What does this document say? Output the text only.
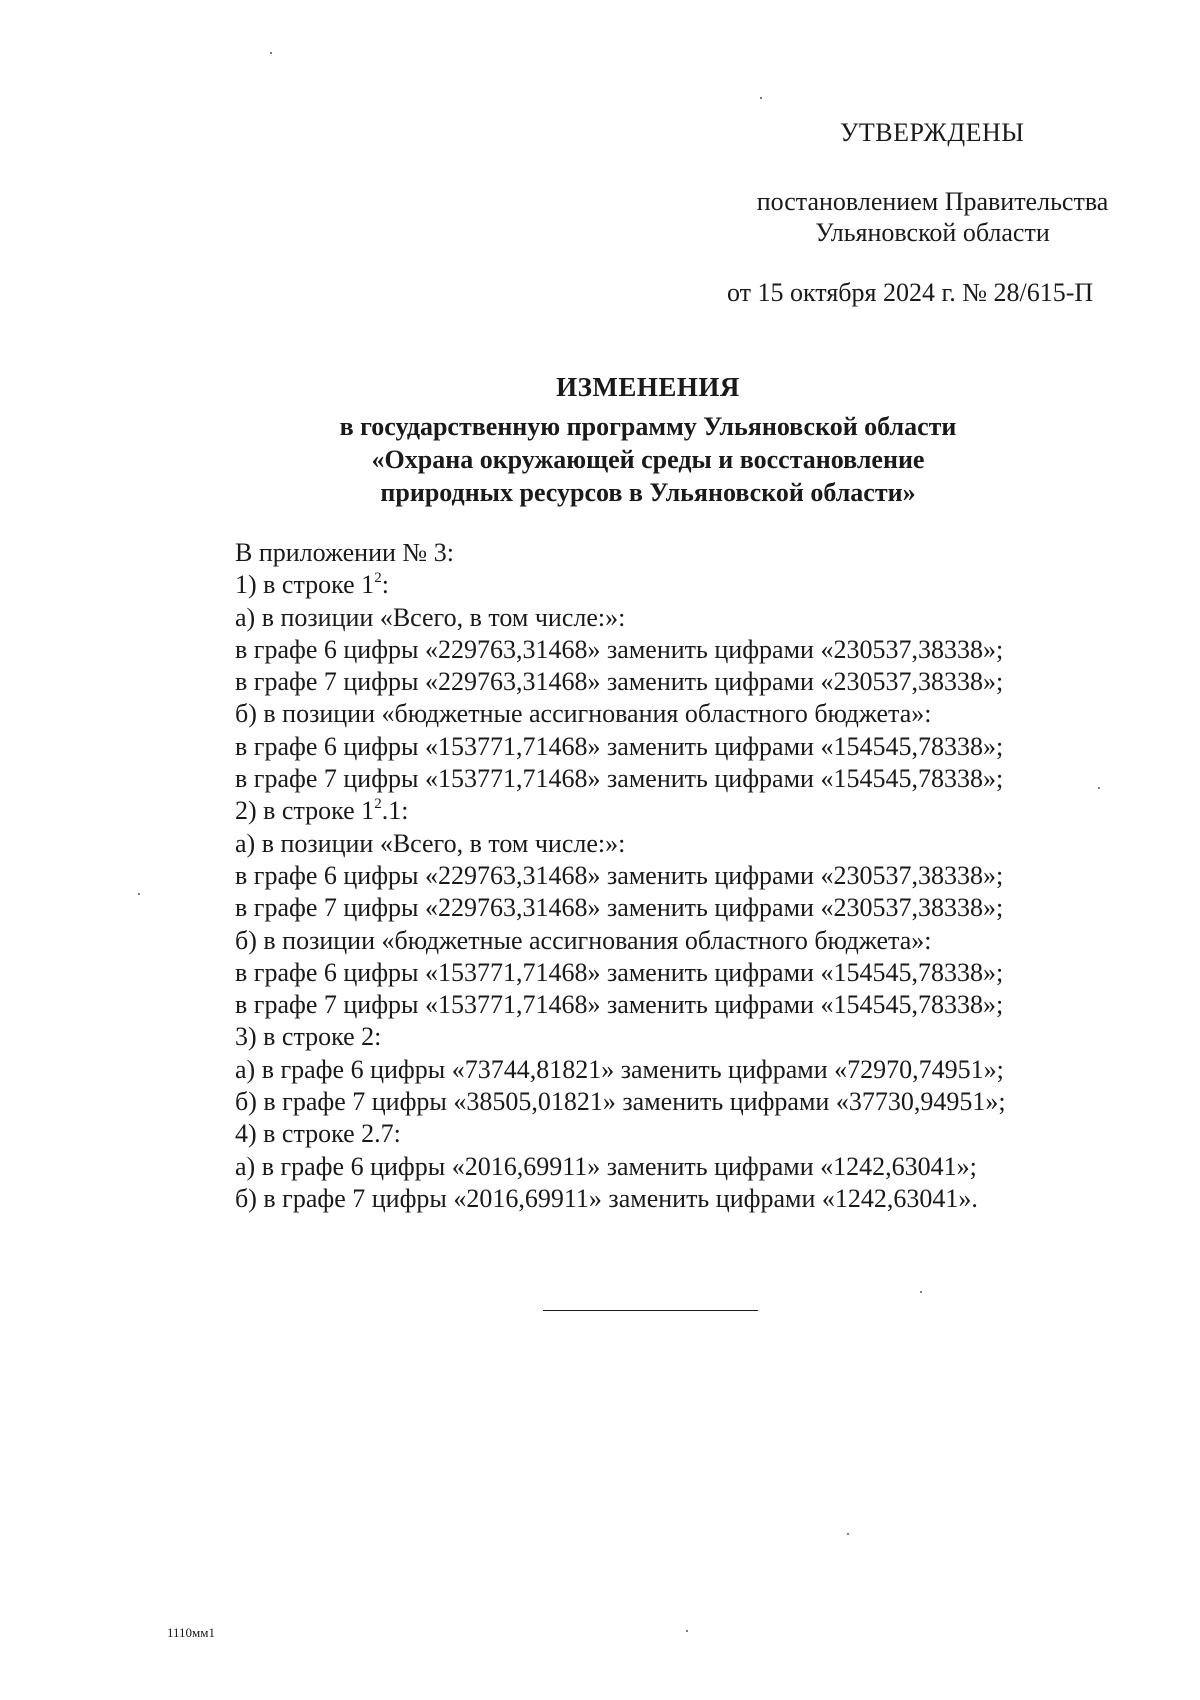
УТВЕРЖДЕНЫ
постановлением Правительства
Ульяновской области
от 15 октября 2024 г. № 28/615-П
ИЗМЕНЕНИЯ
в государственную программу Ульяновской области
«Охрана окружающей среды и восстановление
природных ресурсов в Ульяновской области»
В приложении № 3:
1) в строке $1^2$:
а) в позиции «Всего, в том числе:»:
в графе 6 цифры «229763,31468» заменить цифрами «230537,38338»;
в графе 7 цифры «229763,31468» заменить цифрами «230537,38338»;
б) в позиции «бюджетные ассигнования областного бюджета»:
в графе 6 цифры «153771,71468» заменить цифрами «154545,78338»;
в графе 7 цифры «153771,71468» заменить цифрами «154545,78338»;
2) в строке $1^2.1$:
а) в позиции «Всего, в том числе:»:
в графе 6 цифры «229763,31468» заменить цифрами «230537,38338»;
в графе 7 цифры «229763,31468» заменить цифрами «230537,38338»;
б) в позиции «бюджетные ассигнования областного бюджета»:
в графе 6 цифры «153771,71468» заменить цифрами «154545,78338»;
в графе 7 цифры «153771,71468» заменить цифрами «154545,78338»;
3) в строке 2:
а) в графе 6 цифры «73744,81821» заменить цифрами «72970,74951»;
б) в графе 7 цифры «38505,01821» заменить цифрами «37730,94951»;
4) в строке 2.7:
а) в графе 6 цифры «2016,69911» заменить цифрами «1242,63041»;
б) в графе 7 цифры «2016,69911» заменить цифрами «1242,63041».
1110мм1
